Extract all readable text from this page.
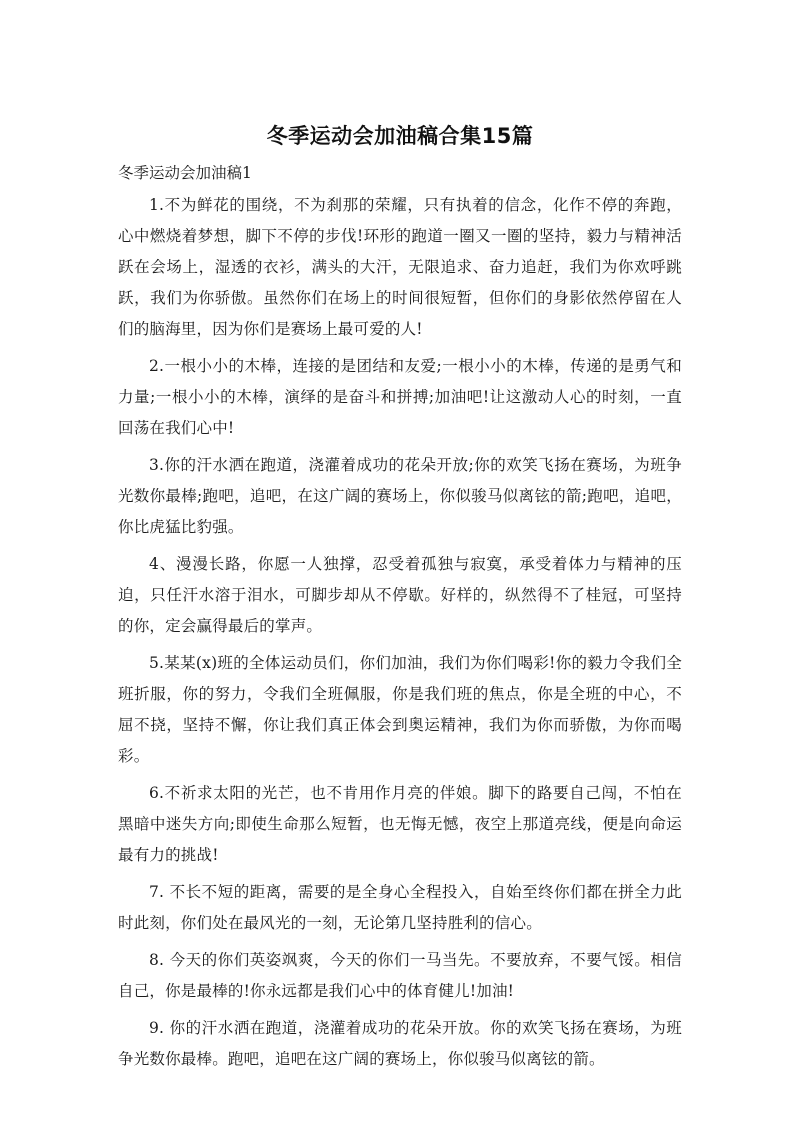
冬季运动会加油稿合集15篇
冬季运动会加油稿1

1.不为鲜花的围绕，不为刹那的荣耀，只有执着的信念，化作不停的奔跑，心中燃烧着梦想，脚下不停的步伐!环形的跑道一圈又一圈的坚持，毅力与精神活跃在会场上，湿透的衣衫，满头的大汗，无限追求、奋力追赶，我们为你欢呼跳跃，我们为你骄傲。虽然你们在场上的时间很短暂，但你们的身影依然停留在人们的脑海里，因为你们是赛场上最可爱的人!

2.一根小小的木棒，连接的是团结和友爱;一根小小的木棒，传递的是勇气和力量;一根小小的木棒，演绎的是奋斗和拼搏;加油吧!让这激动人心的时刻，一直回荡在我们心中!

3.你的汗水洒在跑道，浇灌着成功的花朵开放;你的欢笑飞扬在赛场，为班争光数你最棒;跑吧，追吧，在这广阔的赛场上，你似骏马似离铉的箭;跑吧，追吧，你比虎猛比豹强。

4、漫漫长路，你愿一人独撑，忍受着孤独与寂寞，承受着体力与精神的压迫，只任汗水溶于泪水，可脚步却从不停歇。好样的，纵然得不了桂冠，可坚持的你，定会赢得最后的掌声。

5.某某(x)班的全体运动员们，你们加油，我们为你们喝彩!你的毅力令我们全班折服，你的努力，令我们全班佩服，你是我们班的焦点，你是全班的中心，不屈不挠，坚持不懈，你让我们真正体会到奥运精神，我们为你而骄傲，为你而喝彩。

6.不祈求太阳的光芒，也不肯用作月亮的伴娘。脚下的路要自己闯，不怕在黑暗中迷失方向;即使生命那么短暂，也无悔无憾，夜空上那道亮线，便是向命运最有力的挑战!

7. 不长不短的距离，需要的是全身心全程投入，自始至终你们都在拼全力此时此刻，你们处在最风光的一刻，无论第几坚持胜利的信心。

8. 今天的你们英姿飒爽，今天的你们一马当先。不要放弃，不要气馁。相信自己，你是最棒的!你永远都是我们心中的体育健儿!加油!

9. 你的汗水洒在跑道，浇灌着成功的花朵开放。你的欢笑飞扬在赛场，为班争光数你最棒。跑吧，追吧在这广阔的赛场上，你似骏马似离铉的箭。
